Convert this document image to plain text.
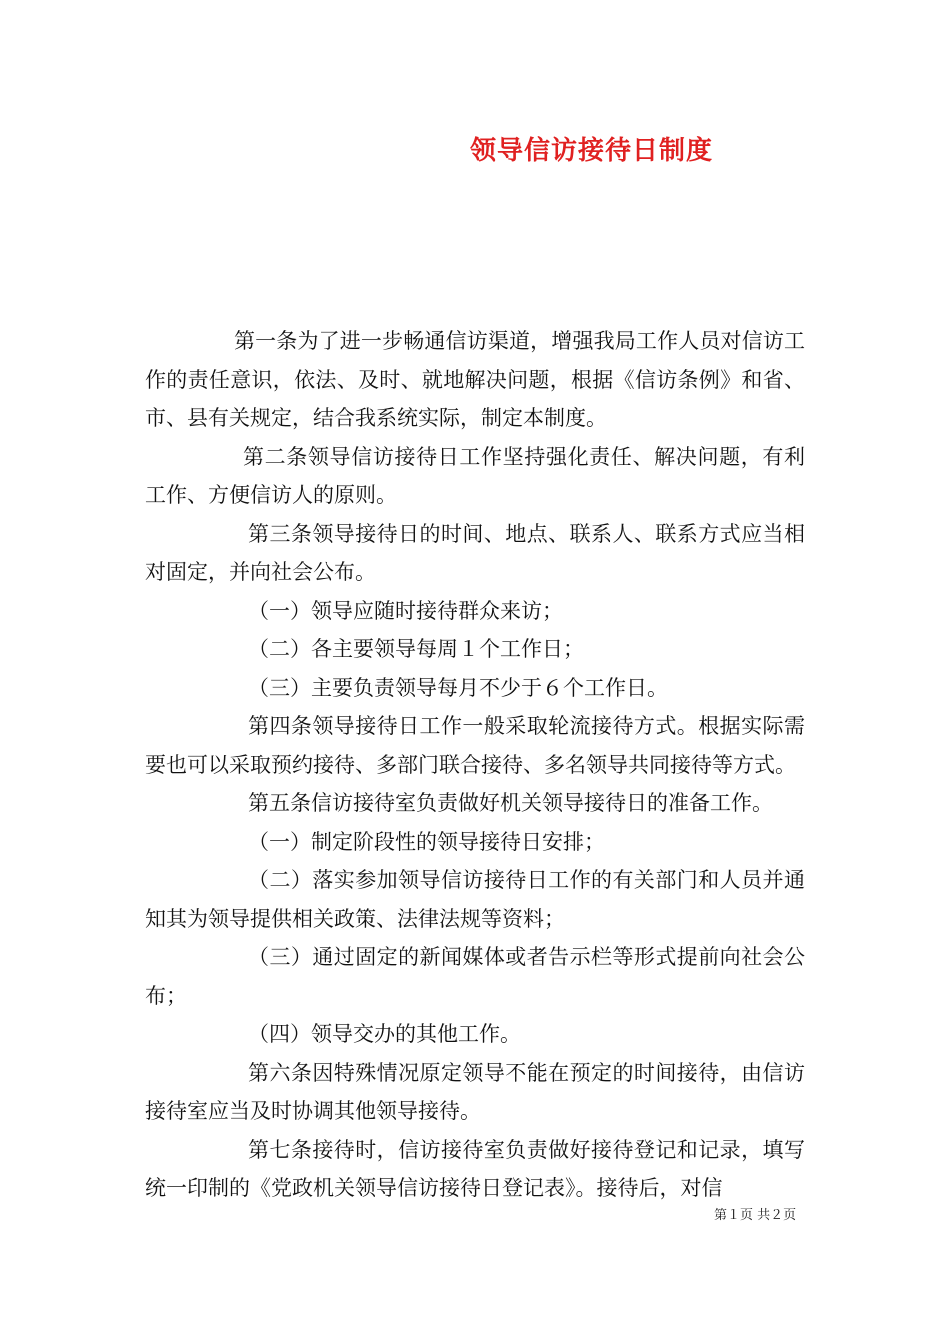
领导信访接待日制度

第一条为了进一步畅通信访渠道，增强我局工作人员对信访工作的责任意识，依法、及时、就地解决问题，根据《信访条例》和省、市、县有关规定，结合我系统实际，制定本制度。

第二条领导信访接待日工作坚持强化责任、解决问题，有利工作、方便信访人的原则。

第三条领导接待日的时间、地点、联系人、联系方式应当相对固定，并向社会公布。

（一）领导应随时接待群众来访；

（二）各主要领导每周１个工作日；

（三）主要负责领导每月不少于６个工作日。

第四条领导接待日工作一般采取轮流接待方式。根据实际需要也可以采取预约接待、多部门联合接待、多名领导共同接待等方式。

第五条信访接待室负责做好机关领导接待日的准备工作。

（一）制定阶段性的领导接待日安排；

（二）落实参加领导信访接待日工作的有关部门和人员并通知其为领导提供相关政策、法律法规等资料；

（三）通过固定的新闻媒体或者告示栏等形式提前向社会公布；

（四）领导交办的其他工作。

第六条因特殊情况原定领导不能在预定的时间接待，由信访接待室应当及时协调其他领导接待。

第七条接待时，信访接待室负责做好接待登记和记录，填写统一印制的《党政机关领导信访接待日登记表》。接待后，对信

第１页 共２页
